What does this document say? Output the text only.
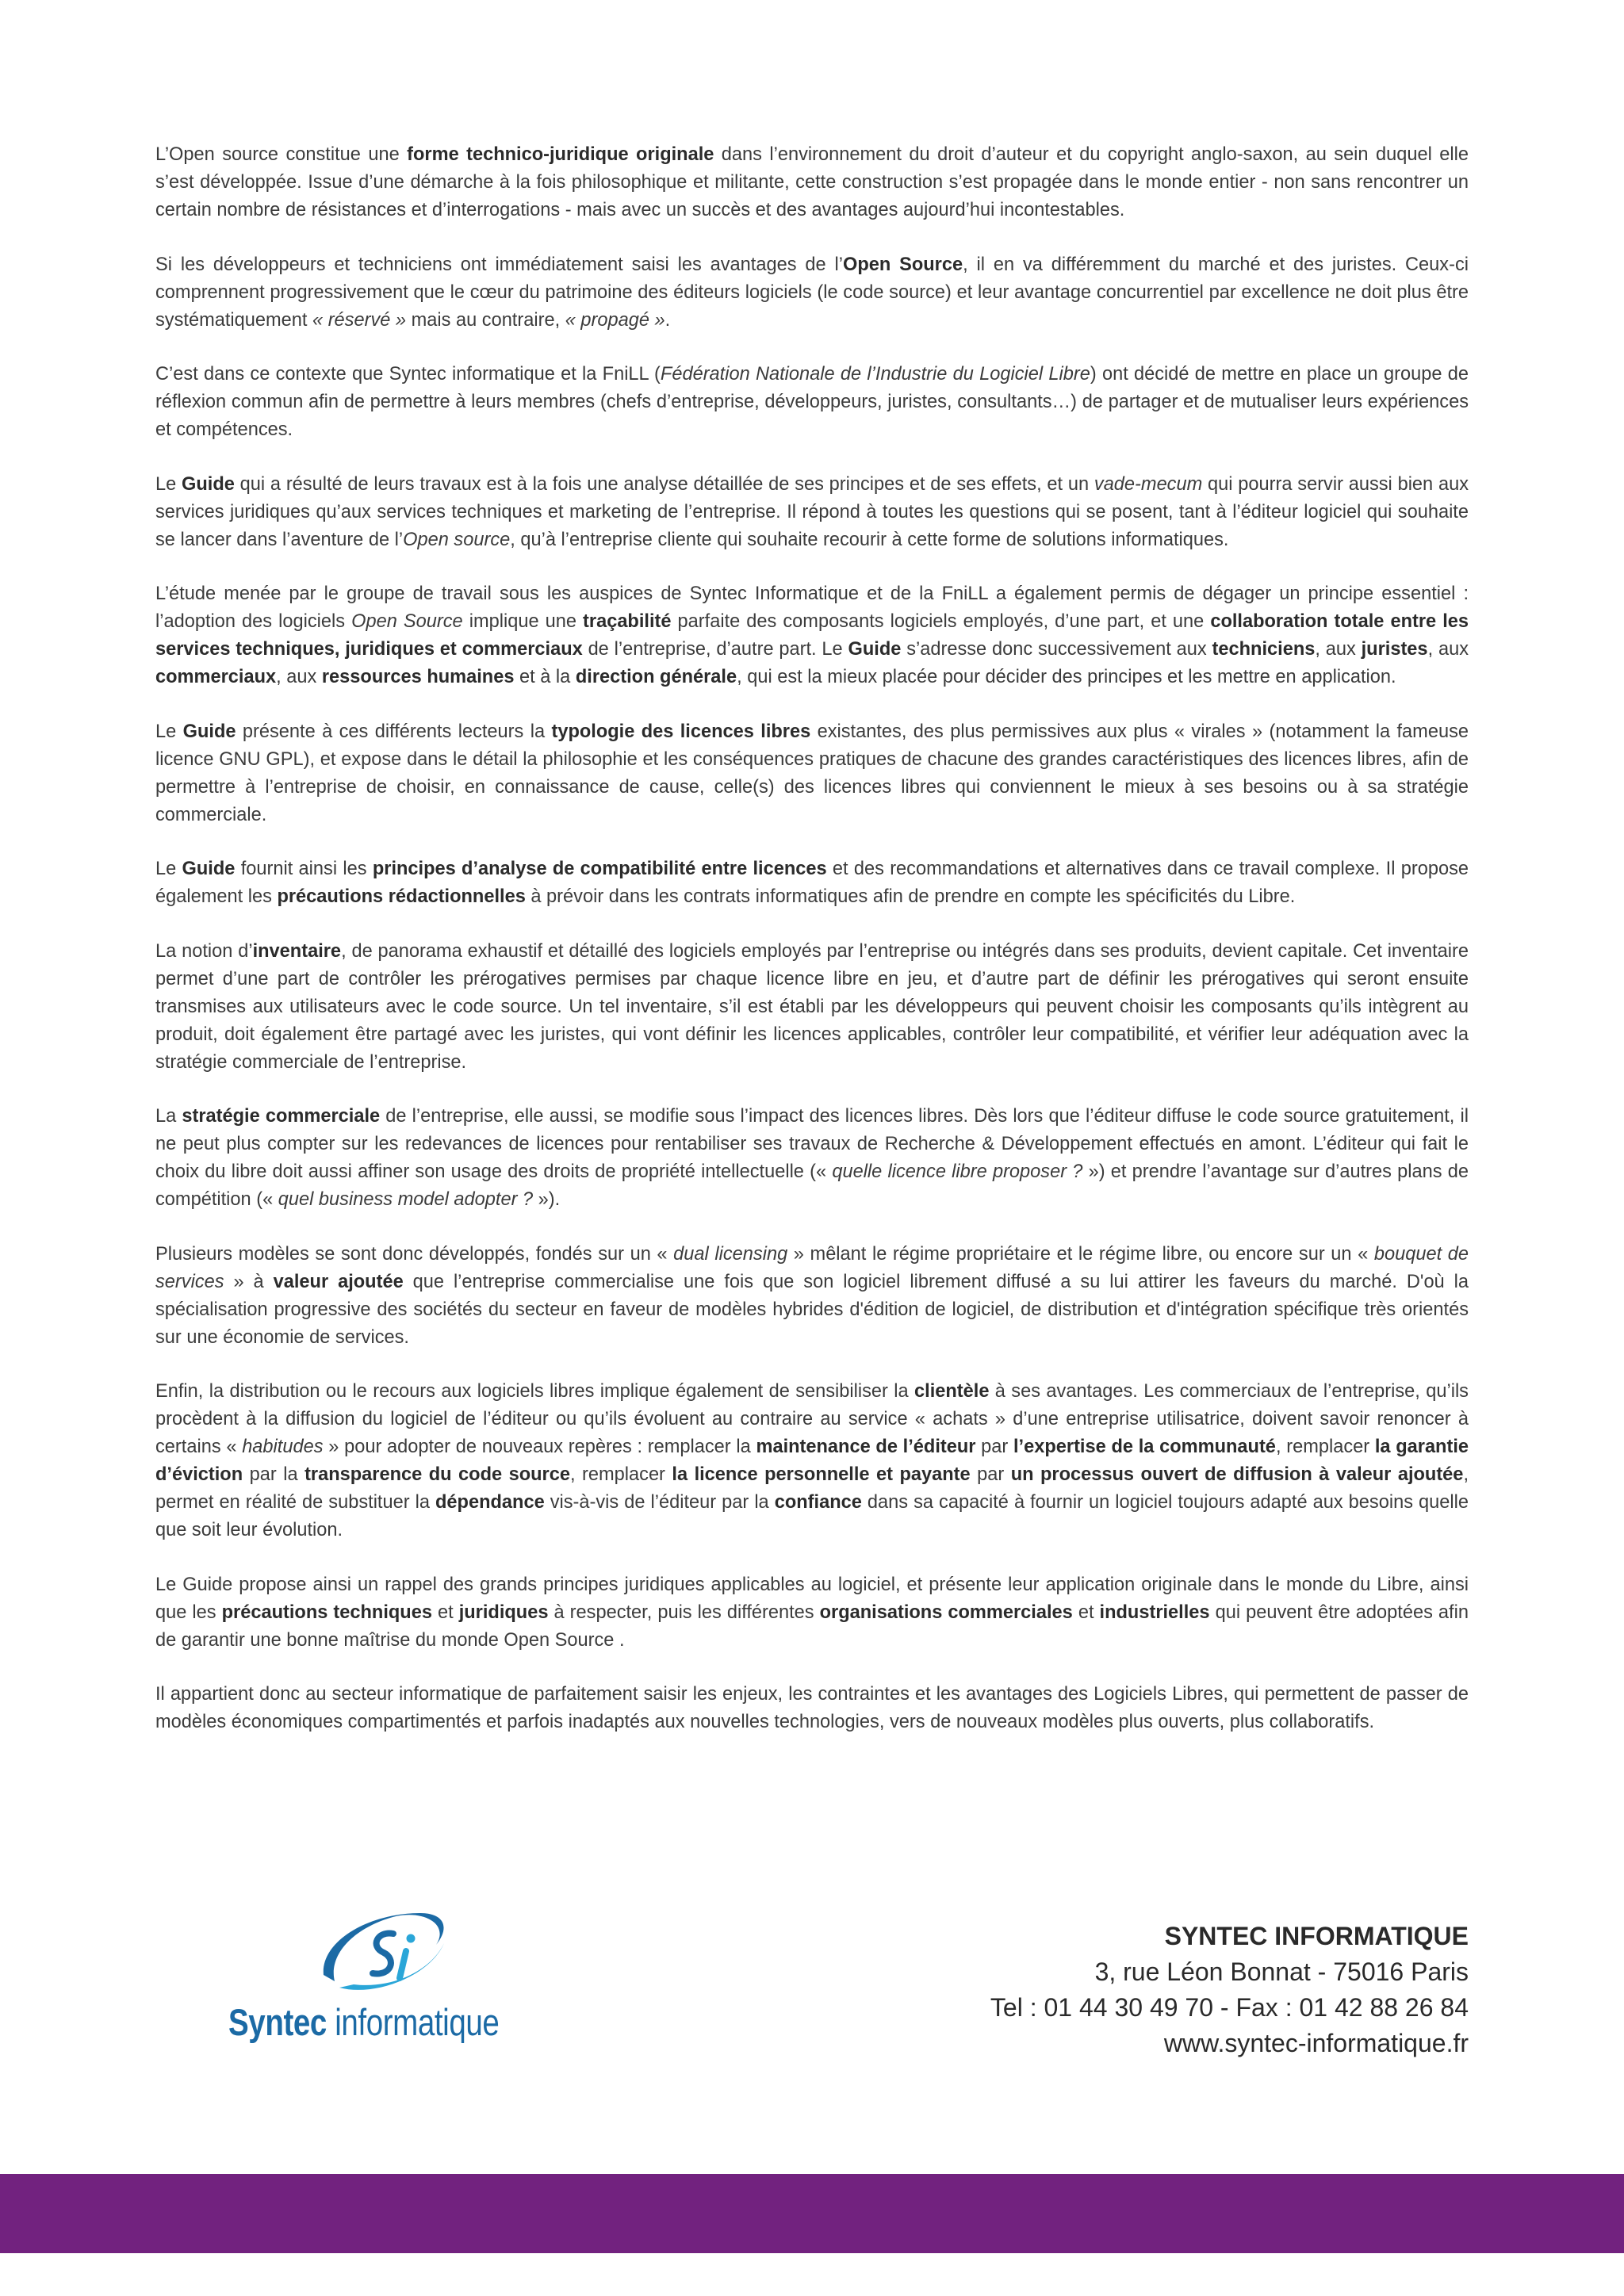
L’Open source constitue une forme technico-juridique originale dans l’environnement du droit d’auteur et du copyright anglo-saxon, au sein duquel elle s’est développée. Issue d’une démarche à la fois philosophique et militante, cette construction s’est propagée dans le monde entier - non sans rencontrer un certain nombre de résistances et d’interrogations - mais avec un succès et des avantages aujourd’hui incontestables.

Si les développeurs et techniciens ont immédiatement saisi les avantages de l’Open Source, il en va différemment du marché et des juristes. Ceux-ci comprennent progressivement que le cœur du patrimoine des éditeurs logiciels (le code source) et leur avantage concurrentiel par excellence ne doit plus être systématiquement « réservé » mais au contraire, « propagé ».

C’est dans ce contexte que Syntec informatique et la FniLL (Fédération Nationale de l’Industrie du Logiciel Libre) ont décidé de mettre en place un groupe de réflexion commun afin de permettre à leurs membres (chefs d’entreprise, développeurs, juristes, consultants…) de partager et de mutualiser leurs expériences et compétences.

Le Guide qui a résulté de leurs travaux est à la fois une analyse détaillée de ses principes et de ses effets, et un vade-mecum qui pourra servir aussi bien aux services juridiques qu’aux services techniques et marketing de l’entreprise. Il répond à toutes les questions qui se posent, tant à l’éditeur logiciel qui souhaite se lancer dans l’aventure de l’Open source, qu’à l’entreprise cliente qui souhaite recourir à cette forme de solutions informatiques.

L’étude menée par le groupe de travail sous les auspices de Syntec Informatique et de la FniLL a également permis de dégager un principe essentiel : l’adoption des logiciels Open Source implique une traçabilité parfaite des composants logiciels employés, d’une part, et une collaboration totale entre les services techniques, juridiques et commerciaux de l’entreprise, d’autre part. Le Guide s’adresse donc successivement aux techniciens, aux juristes, aux commerciaux, aux ressources humaines et à la direction générale, qui est la mieux placée pour décider des principes et les mettre en application.

Le Guide présente à ces différents lecteurs la typologie des licences libres existantes, des plus permissives aux plus « virales » (notamment la fameuse licence GNU GPL), et expose dans le détail la philosophie et les conséquences pratiques de chacune des grandes caractéristiques des licences libres, afin de permettre à l’entreprise de choisir, en connaissance de cause, celle(s) des licences libres qui conviennent le mieux à ses besoins ou à sa stratégie commerciale.

Le Guide fournit ainsi les principes d’analyse de compatibilité entre licences et des recommandations et alternatives dans ce travail complexe. Il propose également les précautions rédactionnelles à prévoir dans les contrats informatiques afin de prendre en compte les spécificités du Libre.

La notion d’inventaire, de panorama exhaustif et détaillé des logiciels employés par l’entreprise ou intégrés dans ses produits, devient capitale. Cet inventaire permet d’une part de contrôler les prérogatives permises par chaque licence libre en jeu, et d’autre part de définir les prérogatives qui seront ensuite transmises aux utilisateurs avec le code source. Un tel inventaire, s’il est établi par les développeurs qui peuvent choisir les composants qu’ils intègrent au produit, doit également être partagé avec les juristes, qui vont définir les licences applicables, contrôler leur compatibilité, et vérifier leur adéquation avec la stratégie commerciale de l’entreprise.

La stratégie commerciale de l’entreprise, elle aussi, se modifie sous l’impact des licences libres. Dès lors que l’éditeur diffuse le code source gratuitement, il ne peut plus compter sur les redevances de licences pour rentabiliser ses travaux de Recherche & Développement effectués en amont. L’éditeur qui fait le choix du libre doit aussi affiner son usage des droits de propriété intellectuelle (« quelle licence libre proposer ? ») et prendre l’avantage sur d’autres plans de compétition (« quel business model adopter ? »).

Plusieurs modèles se sont donc développés, fondés sur un « dual licensing » mêlant le régime propriétaire et le régime libre, ou encore sur un « bouquet de services » à valeur ajoutée que l’entreprise commercialise une fois que son logiciel librement diffusé a su lui attirer les faveurs du marché. D'où la spécialisation progressive des sociétés du secteur en faveur de modèles hybrides d'édition de logiciel, de distribution et d'intégration spécifique très orientés sur une économie de services.

Enfin, la distribution ou le recours aux logiciels libres implique également de sensibiliser la clientèle à ses avantages. Les commerciaux de l’entreprise, qu’ils procèdent à la diffusion du logiciel de l’éditeur ou qu’ils évoluent au contraire au service « achats » d’une entreprise utilisatrice, doivent savoir renoncer à certains « habitudes » pour adopter de nouveaux repères : remplacer la maintenance de l’éditeur par l’expertise de la communauté, remplacer la garantie d’éviction par la transparence du code source, remplacer la licence personnelle et payante par un processus ouvert de diffusion à valeur ajoutée, permet en réalité de substituer la dépendance vis-à-vis de l’éditeur par la confiance dans sa capacité à fournir un logiciel toujours adapté aux besoins quelle que soit leur évolution.

Le Guide propose ainsi un rappel des grands principes juridiques applicables au logiciel, et présente leur application originale dans le monde du Libre, ainsi que les précautions techniques et juridiques à respecter, puis les différentes organisations commerciales et industrielles qui peuvent être adoptées afin de garantir une bonne maîtrise du monde Open Source .

Il appartient donc au secteur informatique de parfaitement saisir les enjeux, les contraintes et les avantages des Logiciels Libres, qui permettent de passer de modèles économiques compartimentés et parfois inadaptés aux nouvelles technologies, vers de nouveaux modèles plus ouverts, plus collaboratifs.

Syntec informatique
SYNTEC INFORMATIQUE
3, rue Léon Bonnat - 75016 Paris
Tel : 01 44 30 49 70 - Fax : 01 42 88 26 84
www.syntec-informatique.fr
